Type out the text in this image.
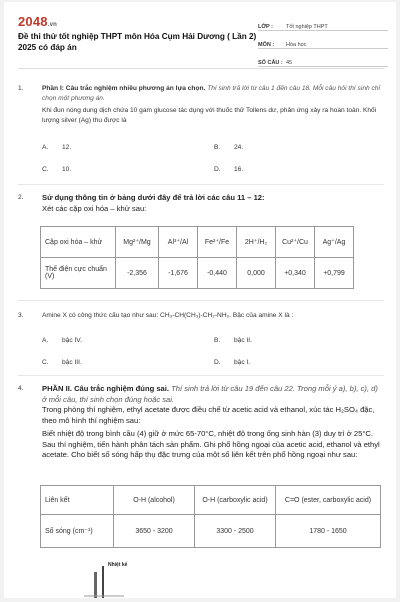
2048.vn
Đề thi thử tốt nghiệp THPT môn Hóa Cụm Hải Dương ( Lần 2) 2025 có đáp án
LỚP :	Tốt nghiệp THPT
MÔN :	Hóa học
SỐ CÂU : 45
1.	Phần I: Câu trắc nghiệm nhiều phương án lựa chọn. Thí sinh trả lời từ câu 1 đến câu 18. Mỗi câu hỏi thí sinh chỉ chọn một phương án.
Khi đun nóng dung dịch chứa 10 gam glucose tác dụng với thuốc thử Tollens dư, phản ứng xảy ra hoàn toàn. Khối lượng silver (Ag) thu được là
A. 12.	B. 24.
C. 10.	D. 16.
2.	Sử dụng thông tin ở bảng dưới đây để trả lời các câu 11 – 12:
Xét các cặp oxi hóa – khử sau:
Cặp oxi hóa – khử	Mg²⁺/Mg	Al³⁺/Al	Fe²⁺/Fe	2H⁺/H₂	Cu²⁺/Cu	Ag⁺/Ag
Thế điện cực chuẩn (V)	-2,356	-1,676	-0,440	0,000	+0,340	+0,799
3.	Amine X có công thức cấu tạo như sau: CH₃-CH(CH₃)-CH₂-NH₂. Bậc của amine X là :
A. bậc IV.	B. bậc II.
C. bậc III.	D. bậc I.
4.	PHẦN II. Câu trắc nghiệm đúng sai. Thí sinh trả lời từ câu 19 đến câu 22. Trong mỗi ý a), b), c), d) ở mỗi câu, thí sinh chọn đúng hoặc sai.
Trong phòng thí nghiệm, ethyl acetate được điều chế từ acetic acid và ethanol, xúc tác H₂SO₄ đặc, theo mô hình thí nghiệm sau:
Biết nhiệt độ trong bình cầu (4) giữ ở mức 65-70°C, nhiệt độ trong ống sinh hàn (3) duy trì ở 25°C. Sau thí nghiệm, tiến hành phân tách sản phẩm. Ghi phổ hồng ngoại của acetic acid, ethanol và ethyl acetate. Cho biết số sóng hấp thụ đặc trưng của một số liên kết trên phổ hồng ngoại như sau:
Liên kết	O-H (alcohol)	O-H (carboxylic acid)	C=O (ester, carboxylic acid)
Số sóng (cm⁻¹)	3650 - 3200	3300 - 2500	1780 - 1650
Nhiệt kế
